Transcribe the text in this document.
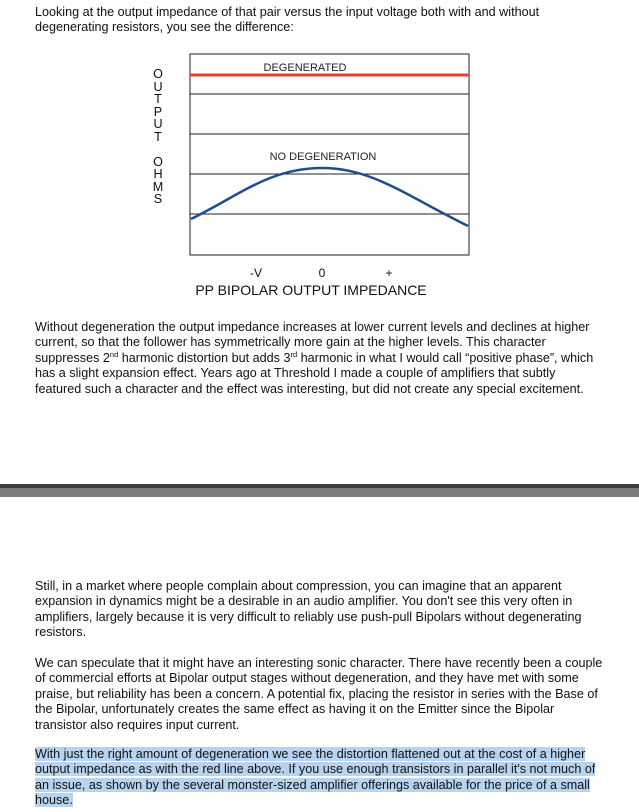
Looking at the output impedance of that pair versus the input voltage both with and without degenerating resistors, you see the difference:

DEGENERATED
NO DEGENERATION
-V	0	+
PP BIPOLAR OUTPUT IMPEDANCE
OUTPUT
OHMS

Without degeneration the output impedance increases at lower current levels and declines at higher current, so that the follower has symmetrically more gain at the higher levels. This character suppresses 2nd harmonic distortion but adds 3rd harmonic in what I would call “positive phase”, which has a slight expansion effect. Years ago at Threshold I made a couple of amplifiers that subtly featured such a character and the effect was interesting, but did not create any special excitement.

Still, in a market where people complain about compression, you can imagine that an apparent expansion in dynamics might be a desirable in an audio amplifier. You don't see this very often in amplifiers, largely because it is very difficult to reliably use push-pull Bipolars without degenerating resistors.

We can speculate that it might have an interesting sonic character. There have recently been a couple of commercial efforts at Bipolar output stages without degeneration, and they have met with some praise, but reliability has been a concern. A potential fix, placing the resistor in series with the Base of the Bipolar, unfortunately creates the same effect as having it on the Emitter since the Bipolar transistor also requires input current.

With just the right amount of degeneration we see the distortion flattened out at the cost of a higher output impedance as with the red line above. If you use enough transistors in parallel it's not much of an issue, as shown by the several monster-sized amplifier offerings available for the price of a small house.
